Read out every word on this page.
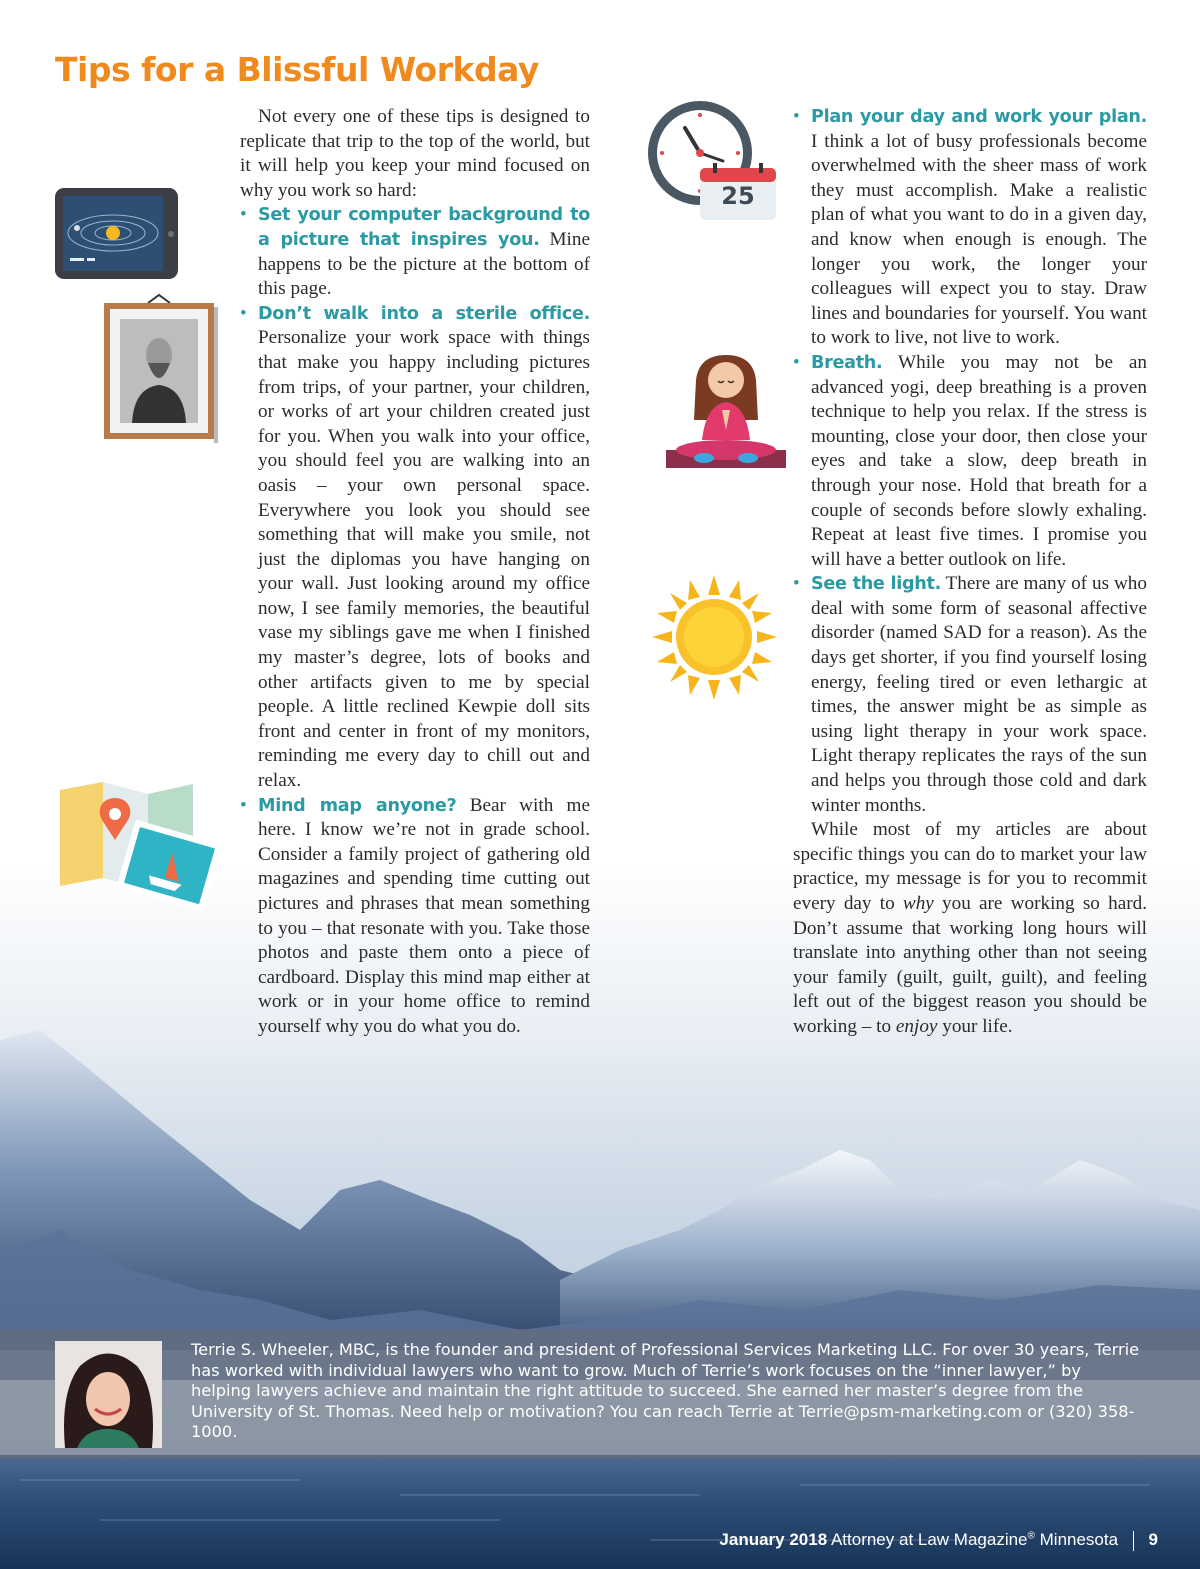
Tips for a Blissful Workday
25

Not every one of these tips is designed to replicate that trip to the top of the world, but it will help you keep your mind focused on why you work so hard:

• Set your computer background to a picture that inspires you. Mine happens to be the picture at the bottom of this page.

• Don’t walk into a sterile office. Personalize your work space with things that make you happy including pictures from trips, of your partner, your children, or works of art your children created just for you. When you walk into your office, you should feel you are walking into an oasis – your own personal space. Everywhere you look you should see something that will make you smile, not just the diplomas you have hanging on your wall. Just looking around my office now, I see family memories, the beautiful vase my siblings gave me when I finished my master’s degree, lots of books and other artifacts given to me by special people. A little reclined Kewpie doll sits front and center in front of my monitors, reminding me every day to chill out and relax.

• Mind map anyone? Bear with me here. I know we’re not in grade school. Consider a family project of gathering old magazines and spending time cutting out pictures and phrases that mean something to you – that resonate with you. Take those photos and paste them onto a piece of cardboard. Display this mind map either at work or in your home office to remind yourself why you do what you do.

• Plan your day and work your plan. I think a lot of busy professionals become overwhelmed with the sheer mass of work they must accomplish. Make a realistic plan of what you want to do in a given day, and know when enough is enough. The longer you work, the longer your colleagues will expect you to stay. Draw lines and boundaries for yourself. You want to work to live, not live to work.

• Breath. While you may not be an advanced yogi, deep breathing is a proven technique to help you relax. If the stress is mounting, close your door, then close your eyes and take a slow, deep breath in through your nose. Hold that breath for a couple of seconds before slowly exhaling. Repeat at least five times. I promise you will have a better outlook on life.

• See the light. There are many of us who deal with some form of seasonal affective disorder (named SAD for a reason). As the days get shorter, if you find yourself losing energy, feeling tired or even lethargic at times, the answer might be as simple as using light therapy in your work space. Light therapy replicates the rays of the sun and helps you through those cold and dark winter months.

While most of my articles are about specific things you can do to market your law practice, my message is for you to recommit every day to why you are working so hard. Don’t assume that working long hours will translate into anything other than not seeing your family (guilt, guilt, guilt), and feeling left out of the biggest reason you should be working – to enjoy your life.

Terrie S. Wheeler, MBC, is the founder and president of Professional Services Marketing LLC. For over 30 years, Terrie has worked with individual lawyers who want to grow. Much of Terrie’s work focuses on the “inner lawyer,” by helping lawyers achieve and maintain the right attitude to succeed. She earned her master’s degree from the University of St. Thomas. Need help or motivation? You can reach Terrie at Terrie@psm-marketing.com or (320) 358-1000.

January 2018 Attorney at Law Magazine® Minnesota 9
